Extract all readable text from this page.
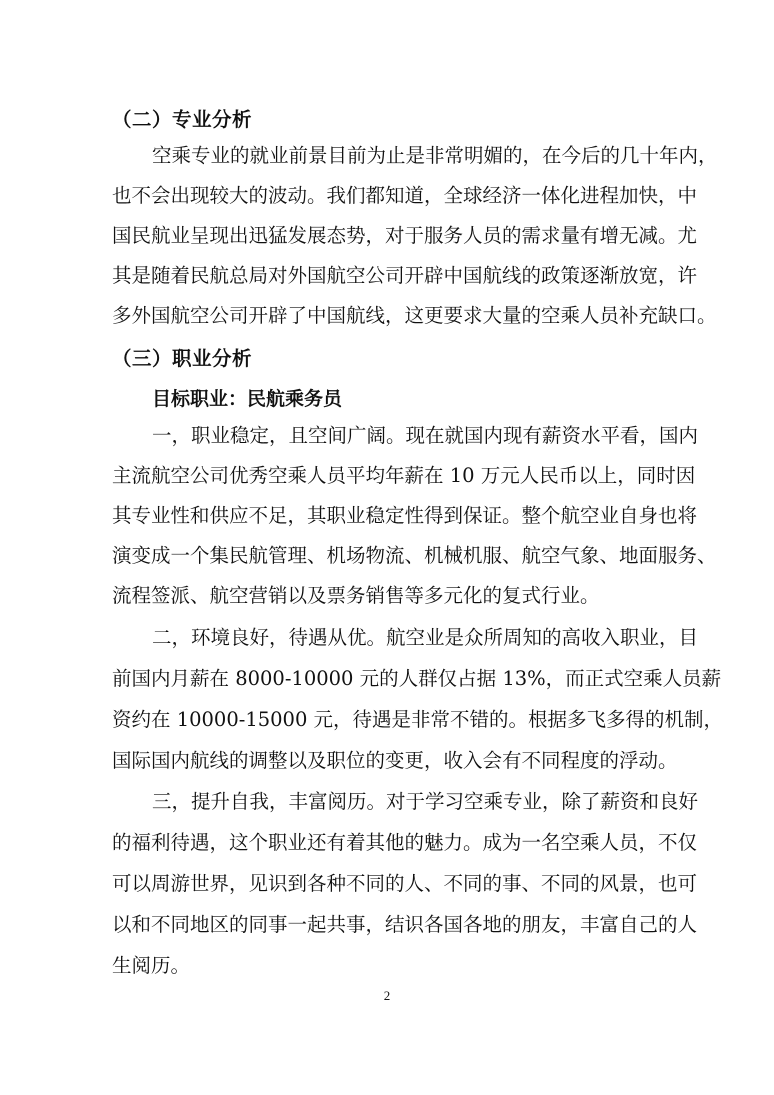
（二）专业分析
空乘专业的就业前景目前为止是非常明媚的，在今后的几十年内，
也不会出现较大的波动。我们都知道，全球经济一体化进程加快，中
国民航业呈现出迅猛发展态势，对于服务人员的需求量有增无减。尤
其是随着民航总局对外国航空公司开辟中国航线的政策逐渐放宽，许
多外国航空公司开辟了中国航线，这更要求大量的空乘人员补充缺口。
（三）职业分析
目标职业：民航乘务员
一，职业稳定，且空间广阔。现在就国内现有薪资水平看，国内
主流航空公司优秀空乘人员平均年薪在 10 万元人民币以上，同时因
其专业性和供应不足，其职业稳定性得到保证。整个航空业自身也将
演变成一个集民航管理、机场物流、机械机服、航空气象、地面服务、
流程签派、航空营销以及票务销售等多元化的复式行业。
二，环境良好，待遇从优。航空业是众所周知的高收入职业，目
前国内月薪在 8000-10000 元的人群仅占据 13%，而正式空乘人员薪
资约在 10000-15000 元，待遇是非常不错的。根据多飞多得的机制，
国际国内航线的调整以及职位的变更，收入会有不同程度的浮动。
三，提升自我，丰富阅历。对于学习空乘专业，除了薪资和良好
的福利待遇，这个职业还有着其他的魅力。成为一名空乘人员，不仅
可以周游世界，见识到各种不同的人、不同的事、不同的风景，也可
以和不同地区的同事一起共事，结识各国各地的朋友，丰富自己的人
生阅历。
2
